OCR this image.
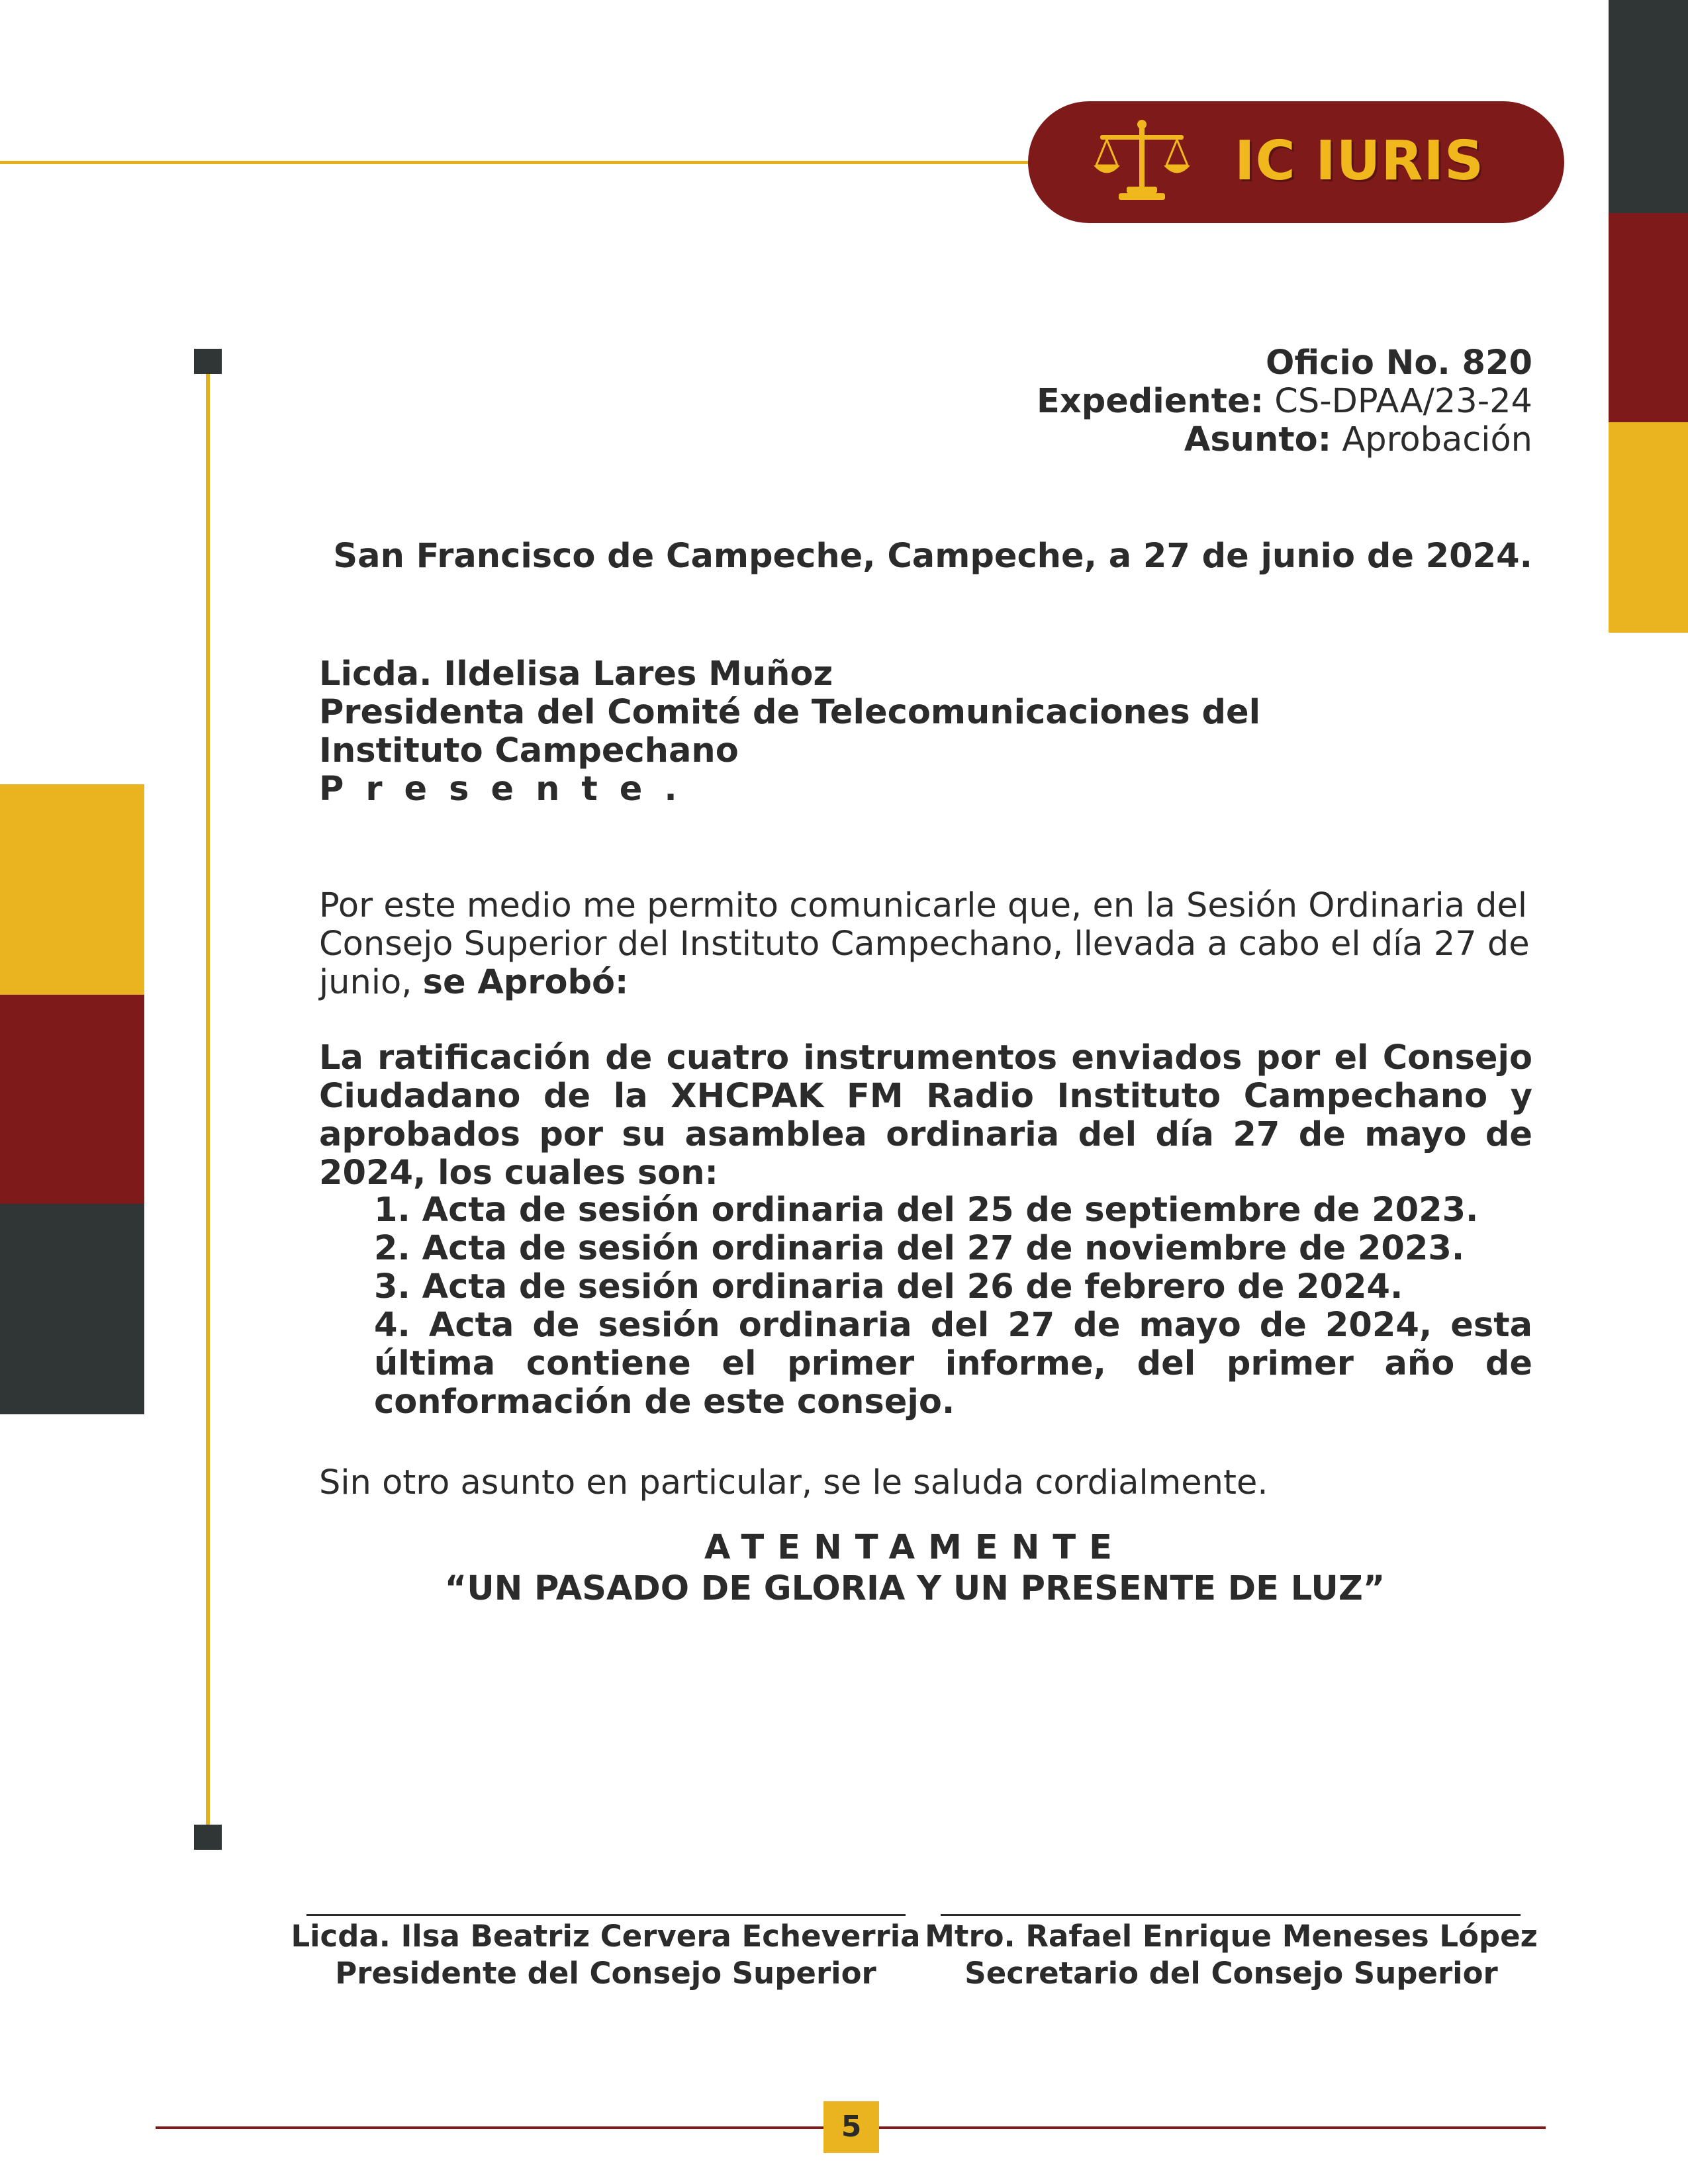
IC IURIS
Oficio No. 820
Expediente: CS-DPAA/23-24
Asunto: Aprobación
San Francisco de Campeche, Campeche, a 27 de junio de 2024.
Licda. Ildelisa Lares Muñoz
Presidenta del Comité de Telecomunicaciones del
Instituto Campechano
Presente.
Por este medio me permito comunicarle que, en la Sesión Ordinaria del Consejo Superior del Instituto Campechano, llevada a cabo el día 27 de junio, se Aprobó:
La ratificación de cuatro instrumentos enviados por el Consejo Ciudadano de la XHCPAK FM Radio Instituto Campechano y aprobados por su asamblea ordinaria del día 27 de mayo de 2024, los cuales son:
1. Acta de sesión ordinaria del 25 de septiembre de 2023.
2. Acta de sesión ordinaria del 27 de noviembre de 2023.
3. Acta de sesión ordinaria del 26 de febrero de 2024.
4. Acta de sesión ordinaria del 27 de mayo de 2024, esta última contiene el primer informe, del primer año de conformación de este consejo.
Sin otro asunto en particular, se le saluda cordialmente.
ATENTAMENTE
“UN PASADO DE GLORIA Y UN PRESENTE DE LUZ”
Licda. Ilsa Beatriz Cervera Echeverria
Presidente del Consejo Superior
Mtro. Rafael Enrique Meneses López
Secretario del Consejo Superior
5
